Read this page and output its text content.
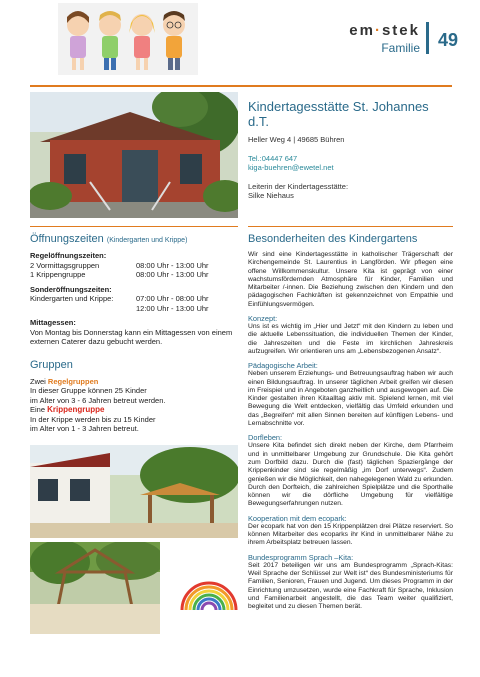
em·stek
Familie 49
Kindertagesstätte St. Johannes d.T.
Heller Weg 4 | 49685 Bühren
Tel.:04447 647
kiga-buehren@ewetel.net
Leiterin der Kindertagesstätte:
Silke Niehaus
Öffnungszeiten (Kindergarten und Krippe)
Regelöffnungszeiten:
2 Vormittagsgruppen	08:00 Uhr - 13:00 Uhr
1 Krippengruppe	08:00 Uhr - 13:00 Uhr
Sonderöffnungszeiten:
Kindergarten und Krippe:	07:00 Uhr - 08:00 Uhr
12:00 Uhr - 13:00 Uhr
Mittagessen:
Von Montag bis Donnerstag kann ein Mittagessen von einem externen Caterer dazu gebucht werden.
Gruppen
Zwei Regelgruppen
In dieser Gruppe können 25 Kinder
im Alter von 3 - 6 Jahren betreut werden.
Eine Krippengruppe
In der Krippe werden bis zu 15 Kinder
im Alter von 1 - 3 Jahren betreut.
Besonderheiten des Kindergartens
Wir sind eine Kindertagesstätte in katholischer Trägerschaft der Kirchengemeinde St. Laurentius in Langförden. Wir pflegen eine offene Willkommenskultur. Unsere Kita ist geprägt von einer wachstumsfördernden Atmosphäre für Kinder, Familien und Mitarbeiter /-innen. Die Beziehung zwischen den Kindern und den pädagogischen Fachkräften ist gekennzeichnet von Empathie und Einfühlungsvermögen.
Konzept:
Uns ist es wichtig im „Hier und Jetzt“ mit den Kindern zu leben und die aktuelle Lebenssituation, die individuellen Themen der Kinder, die Jahreszeiten und die Feste im kirchlichen Jahreskreis aufzugreifen. Wir orientieren uns am „Lebensbezogenen Ansatz“.
Pädagogische Arbeit:
Neben unserem Erziehungs- und Betreuungsauftrag haben wir auch einen Bildungsauftrag. In unserer täglichen Arbeit greifen wir diesen im Freispiel und in Angeboten ganzheitlich und ausgewogen auf. Die Kinder gestalten ihren Kitaalltag aktiv mit. Spielend lernen, mit viel Bewegung die Welt entdecken, vielfältig das Umfeld erkunden und das „Begreifen“ mit allen Sinnen bereiten auf künftigen Lebens- und Lernabschnitte vor.
Dorfleben:
Unsere Kita befindet sich direkt neben der Kirche, dem Pfarrheim und in unmittelbarer Umgebung zur Grundschule. Die Kita gehört zum Dorfbild dazu. Durch die (fast) täglichen Spaziergänge der Krippenkinder sind sie regelmäßig „im Dorf unterwegs“. Zudem genießen wir die Möglichkeit, den nahegelegenen Wald zu erkunden. Durch den Dorfteich, die zahlreichen Spielplätze und die Sporthalle können wir die dörfliche Umgebung für vielfältige Bewegungserfahrungen nutzen.
Kooperation mit dem ecopark:
Der ecopark hat von den 15 Krippenplätzen drei Plätze reserviert. So können Mitarbeiter des ecoparks ihr Kind in unmittelbarer Nähe zu ihrem Arbeitsplatz betreuen lassen.
Bundesprogramm Sprach –Kita:
Seit 2017 beteiligen wir uns am Bundesprogramm „Sprach-Kitas: Weil Sprache der Schlüssel zur Welt ist“ des Bundesministeriums für Familien, Senioren, Frauen und Jugend. Um dieses Programm in der Einrichtung umzusetzen, wurde eine Fachkraft für Sprache, Inklusion und Familienarbeit angestellt, die das Team weiter qualifiziert, begleitet und zu diesen Themen berät.
